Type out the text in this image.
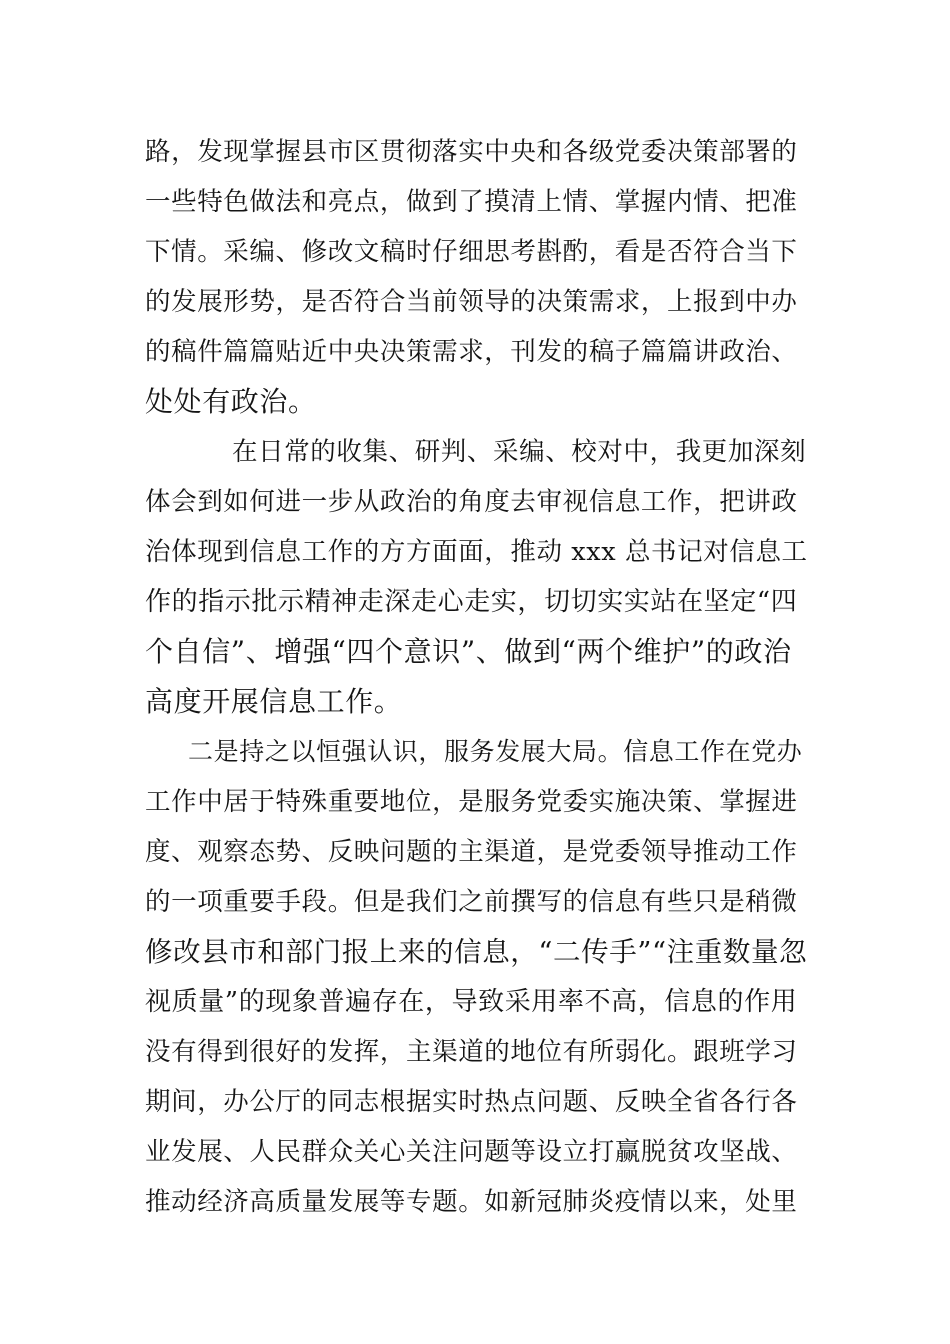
路，发现掌握县市区贯彻落实中央和各级党委决策部署的
一些特色做法和亮点，做到了摸清上情、掌握内情、把准
下情。采编、修改文稿时仔细思考斟酌，看是否符合当下
的发展形势，是否符合当前领导的决策需求，上报到中办
的稿件篇篇贴近中央决策需求，刊发的稿子篇篇讲政治、
处处有政治。
在日常的收集、研判、采编、校对中，我更加深刻
体会到如何进一步从政治的角度去审视信息工作，把讲政
治体现到信息工作的方方面面，推动 xxx 总书记对信息工
作的指示批示精神走深走心走实，切切实实站在坚定“四
个自信”、增强“四个意识”、做到“两个维护”的政治
高度开展信息工作。
二是持之以恒强认识，服务发展大局。信息工作在党办
工作中居于特殊重要地位，是服务党委实施决策、掌握进
度、观察态势、反映问题的主渠道，是党委领导推动工作
的一项重要手段。但是我们之前撰写的信息有些只是稍微
修改县市和部门报上来的信息，“二传手”“注重数量忽
视质量”的现象普遍存在，导致采用率不高，信息的作用
没有得到很好的发挥，主渠道的地位有所弱化。跟班学习
期间，办公厅的同志根据实时热点问题、反映全省各行各
业发展、人民群众关心关注问题等设立打赢脱贫攻坚战、
推动经济高质量发展等专题。如新冠肺炎疫情以来，处里
